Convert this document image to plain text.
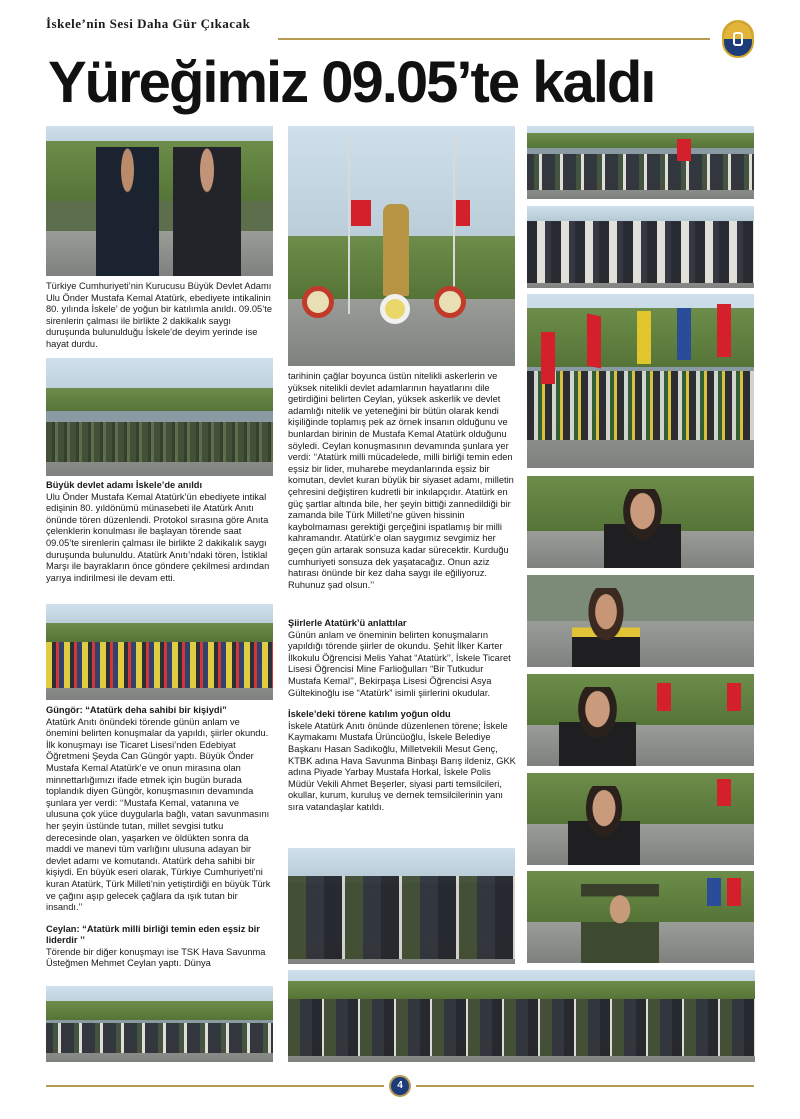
İskele’nin Sesi Daha Gür Çıkacak
Yüreğimiz 09.05’te kaldı
Türkiye Cumhuriyeti’nin Kurucusu Büyük Devlet Adamı Ulu Önder Mustafa Kemal Atatürk, ebediyete intikalinin 80. yılında İskele’ de yoğun bir katılımla anıldı. 09.05’te sirenlerin çalması ile birlikte 2 dakikalık saygı duruşunda bulunulduğu İskele’de deyim yerinde ise hayat durdu.

Büyük devlet adamı İskele’de anıldı

Ulu Önder Mustafa Kemal Atatürk’ün ebediyete intikal edişinin 80. yıldönümü münasebeti ile Atatürk Anıtı önünde tören düzenlendi. Protokol sırasına göre Anıta çelenklerin konulması ile başlayan törende saat 09.05’te sirenlerin çalması ile birlikte 2 dakikalık saygı duruşunda bulunuldu. Atatürk Anıtı’ndaki tören, İstiklal Marşı ile bayrakların önce göndere çekilmesi ardından yarıya indirilmesi ile devam etti.

Güngör: “Atatürk deha sahibi bir kişiydi”

Atatürk Anıtı önündeki törende günün anlam ve önemini belirten konuşmalar da yapıldı, şiirler okundu. İlk konuşmayı ise Ticaret Lisesi’nden Edebiyat Öğretmeni Şeyda Can Güngör yaptı. Büyük Önder Mustafa Kemal Atatürk’e ve onun mirasına olan minnettarlığımızı ifade etmek için bugün burada toplandık diyen Güngör, konuşmasının devamında şunlara yer verdi: ‘‘Mustafa Kemal, vatanına ve ulusuna çok yüce duygularla bağlı, vatan savunmasını her şeyin üstünde tutan, millet sevgisi tutku derecesinde olan, yaşarken ve öldükten sonra da maddi ve manevi tüm varlığını ulusuna adayan bir devlet adamı ve komutandı. Atatürk deha sahibi bir kişiydi. En büyük eseri olarak, Türkiye Cumhuriyeti’ni kuran Atatürk, Türk Milleti’nin yetiştirdiği en büyük Türk ve çağını aşıp gelecek çağlara da ışık tutan bir insandı.’’

Ceylan: “Atatürk milli birliği temin eden eşsiz bir liderdir ’’

Törende bir diğer konuşmayı ise TSK Hava Savunma Üsteğmen Mehmet Ceylan yaptı. Dünya

tarihinin çağlar boyunca üstün nitelikli askerlerin ve yüksek nitelikli devlet adamlarının hayatlarını dile getirdiğini belirten Ceylan, yüksek askerlik ve devlet adamlığı nitelik ve yeteneğini bir bütün olarak kendi kişiliğinde toplamış pek az örnek insanın olduğunu ve bunlardan birinin de Mustafa Kemal Atatürk olduğunu söyledi. Ceylan konuşmasının devamında şunlara yer verdi: ‘‘Atatürk milli mücadelede, milli birliği temin eden eşsiz bir lider, muharebe meydanlarında eşsiz bir komutan, devlet kuran büyük bir siyaset adamı, milletin çehresini değiştiren kudretli bir inkılapçıdır. Atatürk en güç şartlar altında bile, her şeyin bittiği zannedildiği bir zamanda bile Türk Milleti’ne güven hissinin kaybolmaması gerektiği gerçeğini ispatlamış bir milli kahramandır. Atatürk’e olan saygımız sevgimiz her geçen gün artarak sonsuza kadar sürecektir. Kurduğu cumhuriyeti sonsuza dek yaşatacağız. Onun aziz hatırası önünde bir kez daha saygı ile eğiliyoruz. Ruhunuz şad olsun.’’

Şiirlerle Atatürk’ü anlattılar

Günün anlam ve öneminin belirten konuşmaların yapıldığı törende şiirler de okundu. Şehit İlker Karter İlkokulu Öğrencisi Melis Yahat “Atatürk’’, İskele Ticaret Lisesi Öğrencisi Mine Farlioğulları “Bir Tutkudur Mustafa Kemal’’, Bekirpaşa Lisesi Öğrencisi Asya Gültekinoğlu ise “Atatürk” isimli şiirlerini okudular.

İskele’deki törene katılım yoğun oldu

İskele Atatürk Anıtı önünde düzenlenen törene; İskele Kaymakamı Mustafa Ürüncüoğlu, İskele Belediye Başkanı Hasan Sadıkoğlu, Milletvekili Mesut Genç, KTBK adına Hava Savunma Binbaşı Barış ildeniz, GKK adına Piyade Yarbay Mustafa Horkal, İskele Polis Müdür Vekili Ahmet Beşerler, siyasi parti temsilcileri, okullar, kurum, kuruluş ve dernek temsilcilerinin yanı sıra vatandaşlar katıldı.

4
